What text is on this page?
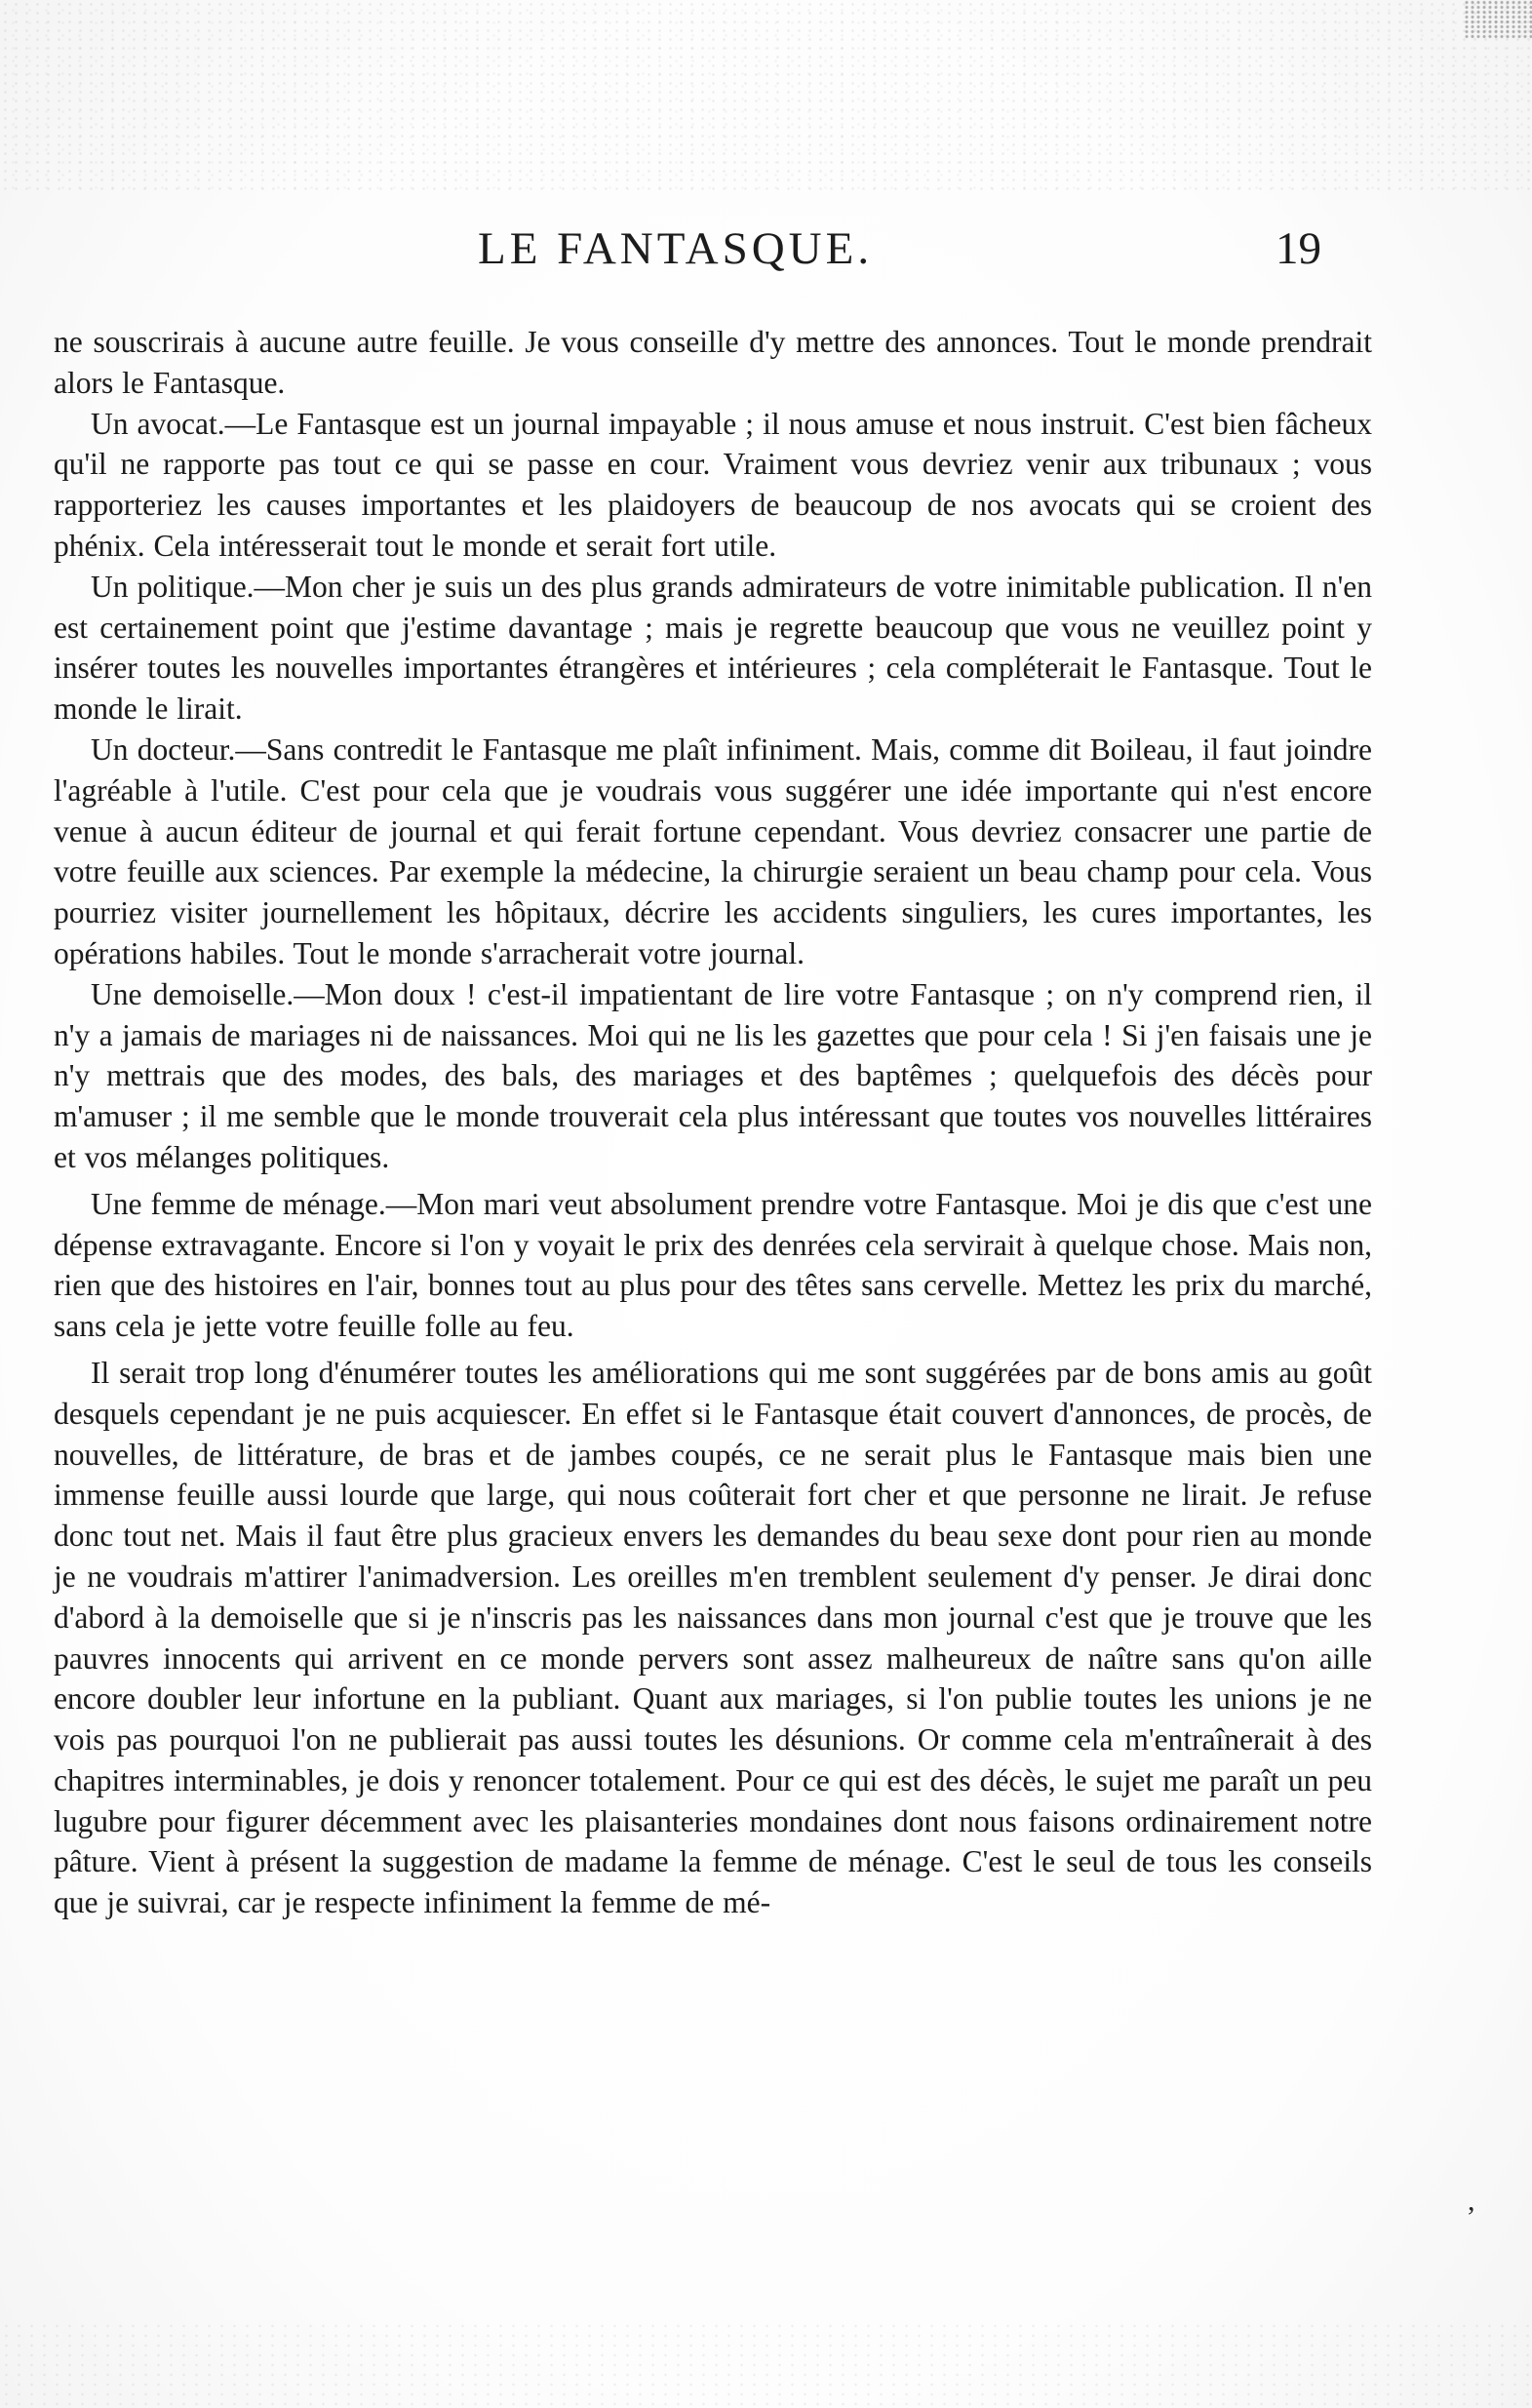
LE FANTASQUE.	19

ne souscrirais à aucune autre feuille. Je vous conseille d'y mettre des annonces. Tout le monde prendrait alors le Fantasque.

Un avocat.—Le Fantasque est un journal impayable ; il nous amuse et nous instruit. C'est bien fâcheux qu'il ne rapporte pas tout ce qui se passe en cour. Vraiment vous devriez venir aux tribunaux ; vous rapporteriez les causes importantes et les plaidoyers de beaucoup de nos avocats qui se croient des phénix. Cela intéresserait tout le monde et serait fort utile.

Un politique.—Mon cher je suis un des plus grands admirateurs de votre inimitable publication. Il n'en est certainement point que j'estime davantage ; mais je regrette beaucoup que vous ne veuillez point y insérer toutes les nouvelles importantes étrangères et intérieures ; cela compléterait le Fantasque. Tout le monde le lirait.

Un docteur.—Sans contredit le Fantasque me plaît infiniment. Mais, comme dit Boileau, il faut joindre l'agréable à l'utile. C'est pour cela que je voudrais vous suggérer une idée importante qui n'est encore venue à aucun éditeur de journal et qui ferait fortune cependant. Vous devriez consacrer une partie de votre feuille aux sciences. Par exemple la médecine, la chirurgie seraient un beau champ pour cela. Vous pourriez visiter journellement les hôpitaux, décrire les accidents singuliers, les cures importantes, les opérations habiles. Tout le monde s'arracherait votre journal.

Une demoiselle.—Mon doux ! c'est-il impatientant de lire votre Fantasque ; on n'y comprend rien, il n'y a jamais de mariages ni de naissances. Moi qui ne lis les gazettes que pour cela ! Si j'en faisais une je n'y mettrais que des modes, des bals, des mariages et des baptêmes ; quelquefois des décès pour m'amuser ; il me semble que le monde trouverait cela plus intéressant que toutes vos nouvelles littéraires et vos mélanges politiques.

Une femme de ménage.—Mon mari veut absolument prendre votre Fantasque. Moi je dis que c'est une dépense extravagante. Encore si l'on y voyait le prix des denrées cela servirait à quelque chose. Mais non, rien que des histoires en l'air, bonnes tout au plus pour des têtes sans cervelle. Mettez les prix du marché, sans cela je jette votre feuille folle au feu.

Il serait trop long d'énumérer toutes les améliorations qui me sont suggérées par de bons amis au goût desquels cependant je ne puis acquiescer. En effet si le Fantasque était couvert d'annonces, de procès, de nouvelles, de littérature, de bras et de jambes coupés, ce ne serait plus le Fantasque mais bien une immense feuille aussi lourde que large, qui nous coûterait fort cher et que personne ne lirait. Je refuse donc tout net. Mais il faut être plus gracieux envers les demandes du beau sexe dont pour rien au monde je ne voudrais m'attirer l'animadversion. Les oreilles m'en tremblent seulement d'y penser. Je dirai donc d'abord à la demoiselle que si je n'inscris pas les naissances dans mon journal c'est que je trouve que les pauvres innocents qui arrivent en ce monde pervers sont assez malheureux de naître sans qu'on aille encore doubler leur infortune en la publiant. Quant aux mariages, si l'on publie toutes les unions je ne vois pas pourquoi l'on ne publierait pas aussi toutes les désunions. Or comme cela m'entraînerait à des chapitres interminables, je dois y renoncer totalement. Pour ce qui est des décès, le sujet me paraît un peu lugubre pour figurer décemment avec les plaisanteries mondaines dont nous faisons ordinairement notre pâture. Vient à présent la suggestion de madame la femme de ménage. C'est le seul de tous les conseils que je suivrai, car je respecte infiniment la femme de mé-

,
